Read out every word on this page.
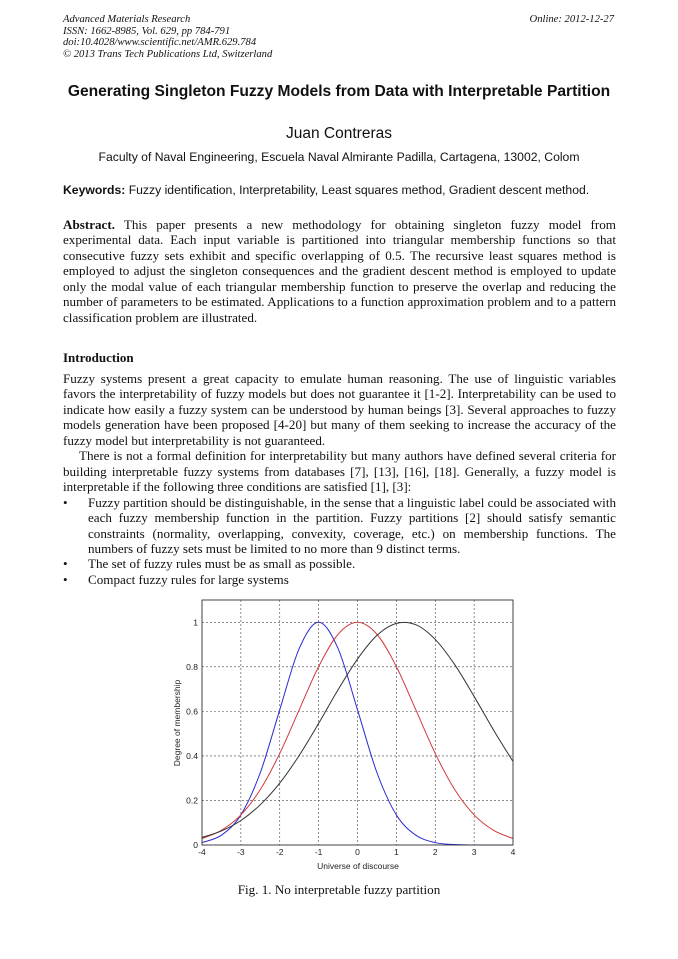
Advanced Materials Research
ISSN: 1662-8985, Vol. 629, pp 784-791
doi:10.4028/www.scientific.net/AMR.629.784
© 2013 Trans Tech Publications Ltd, Switzerland
Online: 2012-12-27
Generating Singleton Fuzzy Models from Data with Interpretable Partition
Juan Contreras
Faculty of Naval Engineering, Escuela Naval Almirante Padilla, Cartagena, 13002, Colom
Keywords: Fuzzy identification, Interpretability, Least squares method, Gradient descent method.
Abstract. This paper presents a new methodology for obtaining singleton fuzzy model from experimental data. Each input variable is partitioned into triangular membership functions so that consecutive fuzzy sets exhibit and specific overlapping of 0.5. The recursive least squares method is employed to adjust the singleton consequences and the gradient descent method is employed to update only the modal value of each triangular membership function to preserve the overlap and reducing the number of parameters to be estimated. Applications to a function approximation problem and to a pattern classification problem are illustrated.
Introduction

Fuzzy systems present a great capacity to emulate human reasoning. The use of linguistic variables favors the interpretability of fuzzy models but does not guarantee it [1-2]. Interpretability can be used to indicate how easily a fuzzy system can be understood by human beings [3]. Several approaches to fuzzy models generation have been proposed [4-20] but many of them seeking to increase the accuracy of the fuzzy model but interpretability is not guaranteed.

There is not a formal definition for interpretability but many authors have defined several criteria for building interpretable fuzzy systems from databases [7], [13], [16], [18]. Generally, a fuzzy model is interpretable if the following three conditions are satisfied [1], [3]:

• Fuzzy partition should be distinguishable, in the sense that a linguistic label could be associated with each fuzzy membership function in the partition. Fuzzy partitions [2] should satisfy semantic constraints (normality, overlapping, convexity, coverage, etc.) on membership functions. The numbers of fuzzy sets must be limited to no more than 9 distinct terms.
• The set of fuzzy rules must be as small as possible.
• Compact fuzzy rules for large systems
-4	-3	-2	-1	0	1	2	3	4
0
0.2
0.4
0.6
0.8
1
Universe of discourse
Degree of membership
Fig. 1. No interpretable fuzzy partition
